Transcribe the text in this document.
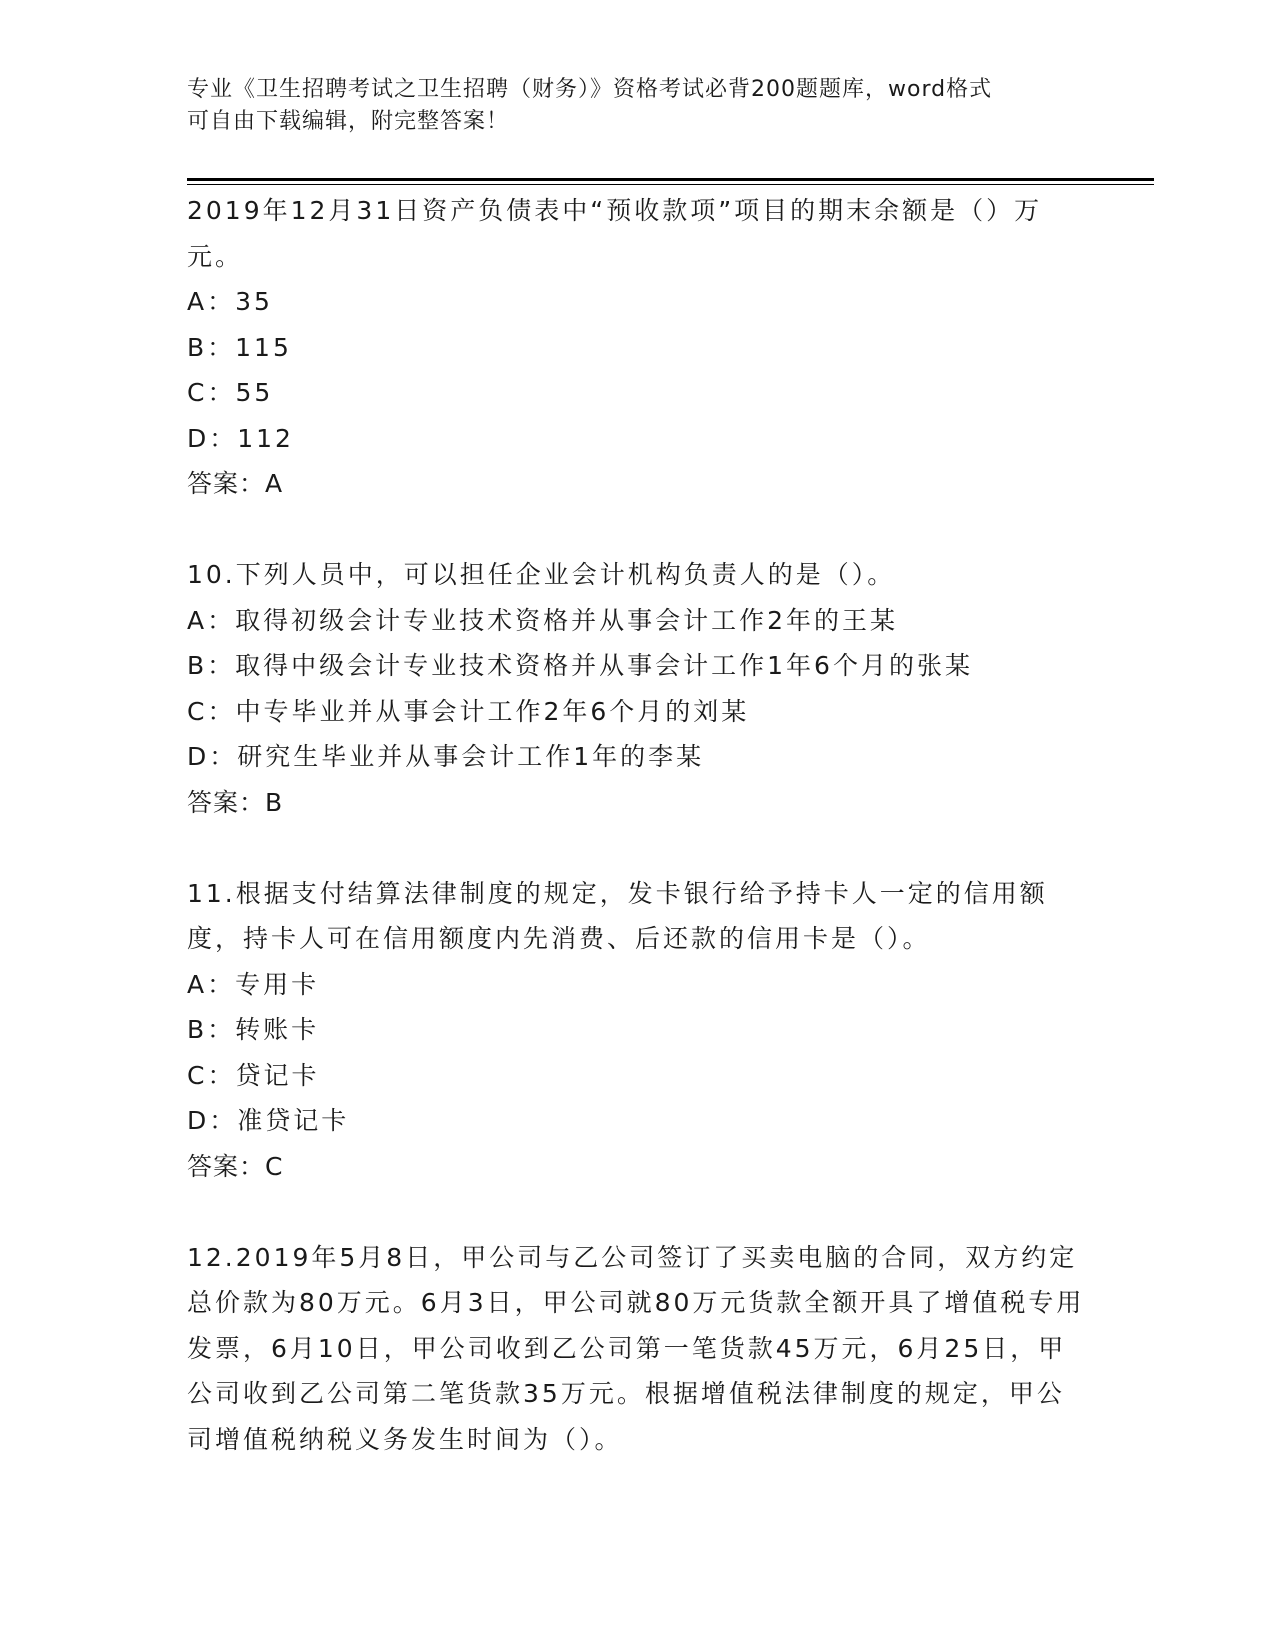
专业《卫生招聘考试之卫生招聘（财务）》资格考试必背200题题库，word格式
可自由下载编辑，附完整答案！

2019年12月31日资产负债表中“预收款项”项目的期末余额是（）万元。

A：35

B：115

C：55

D：112

答案：A

10.下列人员中，可以担任企业会计机构负责人的是（）。

A：取得初级会计专业技术资格并从事会计工作2年的王某

B：取得中级会计专业技术资格并从事会计工作1年6个月的张某

C：中专毕业并从事会计工作2年6个月的刘某

D：研究生毕业并从事会计工作1年的李某

答案：B

11.根据支付结算法律制度的规定，发卡银行给予持卡人一定的信用额度，持卡人可在信用额度内先消费、后还款的信用卡是（）。

A：专用卡

B：转账卡

C：贷记卡

D：准贷记卡

答案：C

12.2019年5月8日，甲公司与乙公司签订了买卖电脑的合同，双方约定总价款为80万元。6月3日，甲公司就80万元货款全额开具了增值税专用发票，6月10日，甲公司收到乙公司第一笔货款45万元，6月25日，甲公司收到乙公司第二笔货款35万元。根据增值税法律制度的规定，甲公司增值税纳税义务发生时间为（）。
